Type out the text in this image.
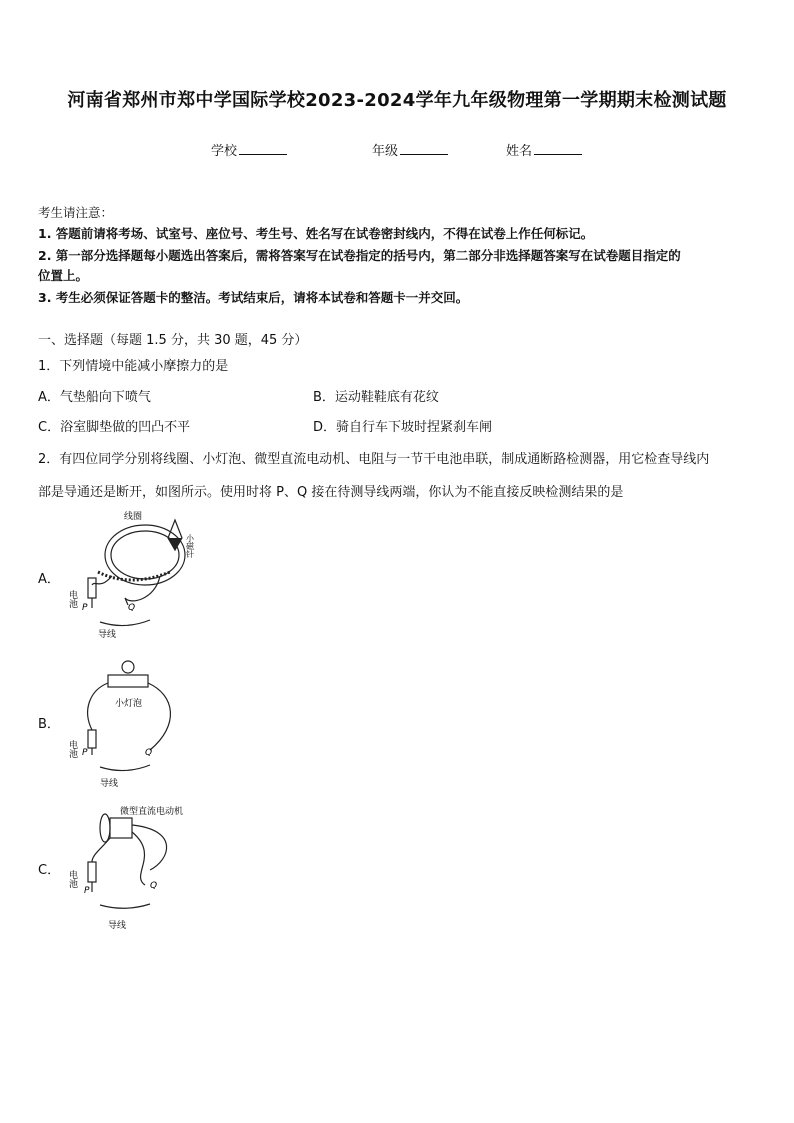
河南省郑州市郑中学国际学校2023-2024学年九年级物理第一学期期末检测试题
学校	年级	姓名
考生请注意：
1. 答题前请将考场、试室号、座位号、考生号、姓名写在试卷密封线内，不得在试卷上作任何标记。
2. 第一部分选择题每小题选出答案后，需将答案写在试卷指定的括号内，第二部分非选择题答案写在试卷题目指定的
位置上。
3. 考生必须保证答题卡的整洁。考试结束后，请将本试卷和答题卡一并交回。
一、选择题（每题 1.5 分，共 30 题，45 分）
1．下列情境中能减小摩擦力的是
A．气垫船向下喷气	B．运动鞋鞋底有花纹
C．浴室脚垫做的凹凸不平	D．骑自行车下坡时捏紧刹车闸
2．有四位同学分别将线圈、小灯泡、微型直流电动机、电阻与一节干电池串联，制成通断路检测器，用它检查导线内
部是导通还是断开，如图所示。使用时将 P、Q 接在待测导线两端，你认为不能直接反映检测结果的是
A．
线圈
小磁针
电池 P	Q
导线
B．
小灯泡
电池 P	Q
导线
C．
微型直流电动机
电池
P	Q
导线
